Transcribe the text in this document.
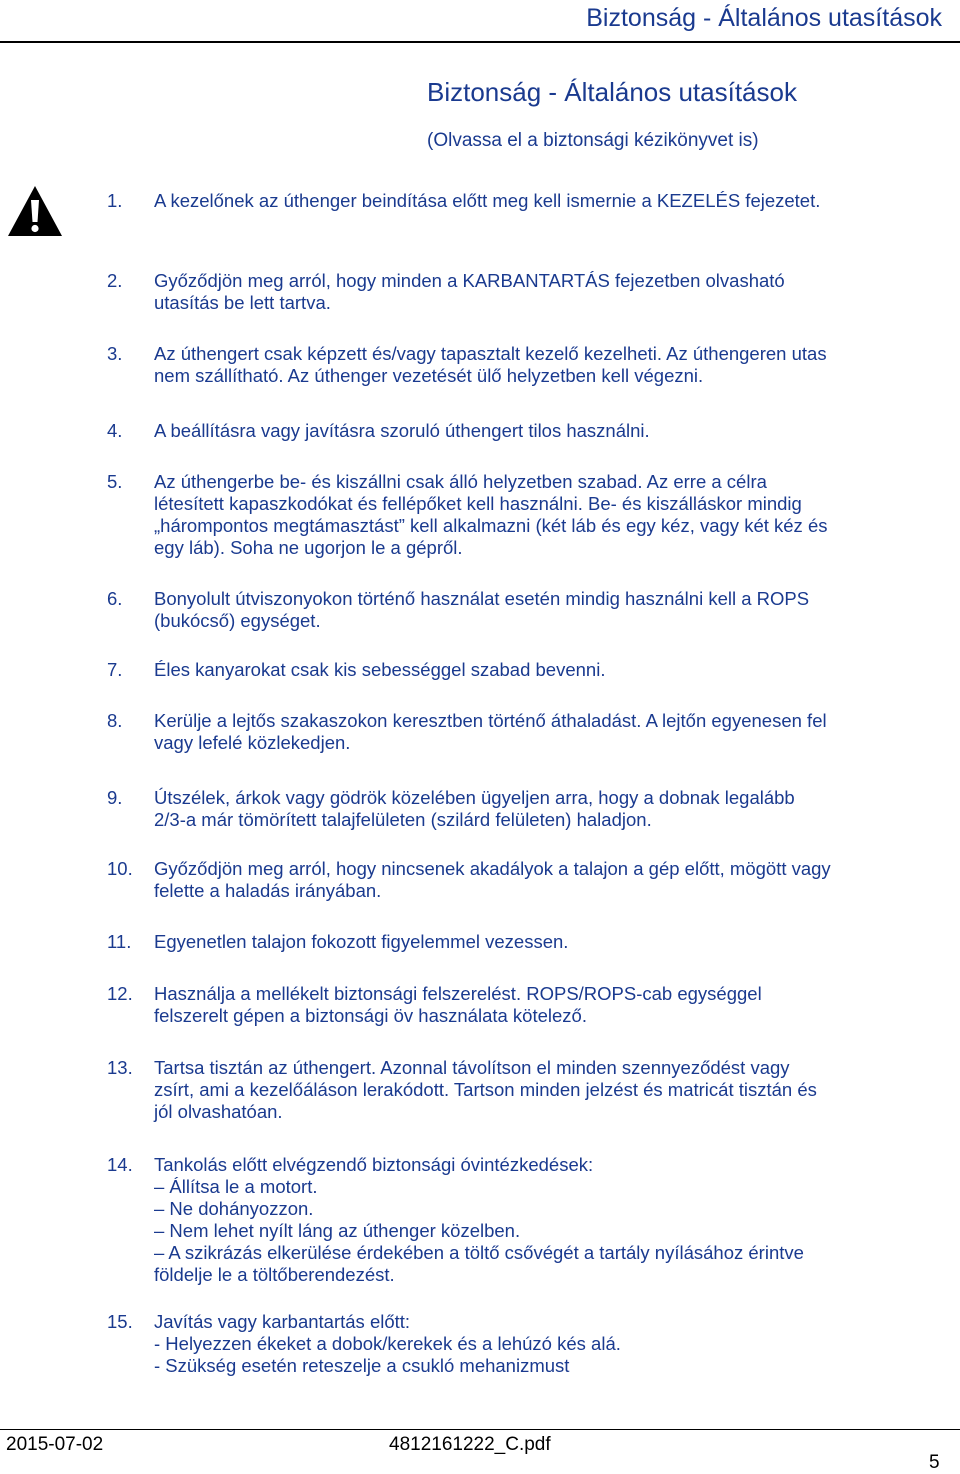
Biztonság - Általános utasítások
Biztonság - Általános utasítások
(Olvassa el a biztonsági kézikönyvet is)
1. A kezelőnek az úthenger beindítása előtt meg kell ismernie a KEZELÉS fejezetet.
2. Győződjön meg arról, hogy minden a KARBANTARTÁS fejezetben olvasható
utasítás be lett tartva.
3. Az úthengert csak képzett és/vagy tapasztalt kezelő kezelheti. Az úthengeren utas
nem szállítható. Az úthenger vezetését ülő helyzetben kell végezni.
4. A beállításra vagy javításra szoruló úthengert tilos használni.
5. Az úthengerbe be- és kiszállni csak álló helyzetben szabad. Az erre a célra
létesített kapaszkodókat és fellépőket kell használni. Be- és kiszálláskor mindig
„hárompontos megtámasztást” kell alkalmazni (két láb és egy kéz, vagy két kéz és
egy láb). Soha ne ugorjon le a gépről.
6. Bonyolult útviszonyokon történő használat esetén mindig használni kell a ROPS
(bukócső) egységet.
7. Éles kanyarokat csak kis sebességgel szabad bevenni.
8. Kerülje a lejtős szakaszokon keresztben történő áthaladást. A lejtőn egyenesen fel
vagy lefelé közlekedjen.
9. Útszélek, árkok vagy gödrök közelében ügyeljen arra, hogy a dobnak legalább
2/3-a már tömörített talajfelületen (szilárd felületen) haladjon.
10. Győződjön meg arról, hogy nincsenek akadályok a talajon a gép előtt, mögött vagy
felette a haladás irányában.
11. Egyenetlen talajon fokozott figyelemmel vezessen.
12. Használja a mellékelt biztonsági felszerelést. ROPS/ROPS-cab egységgel
felszerelt gépen a biztonsági öv használata kötelező.
13. Tartsa tisztán az úthengert. Azonnal távolítson el minden szennyeződést vagy
zsírt, ami a kezelőáláson lerakódott. Tartson minden jelzést és matricát tisztán és
jól olvashatóan.
14. Tankolás előtt elvégzendő biztonsági óvintézkedések:
– Állítsa le a motort.
– Ne dohányozzon.
– Nem lehet nyílt láng az úthenger közelben.
– A szikrázás elkerülése érdekében a töltő csővégét a tartály nyílásához érintve
földelje le a töltőberendezést.
15. Javítás vagy karbantartás előtt:
- Helyezzen ékeket a dobok/kerekek és a lehúzó kés alá.
- Szükség esetén reteszelje a csukló mehanizmust
2015-07-02	4812161222_C.pdf
5
